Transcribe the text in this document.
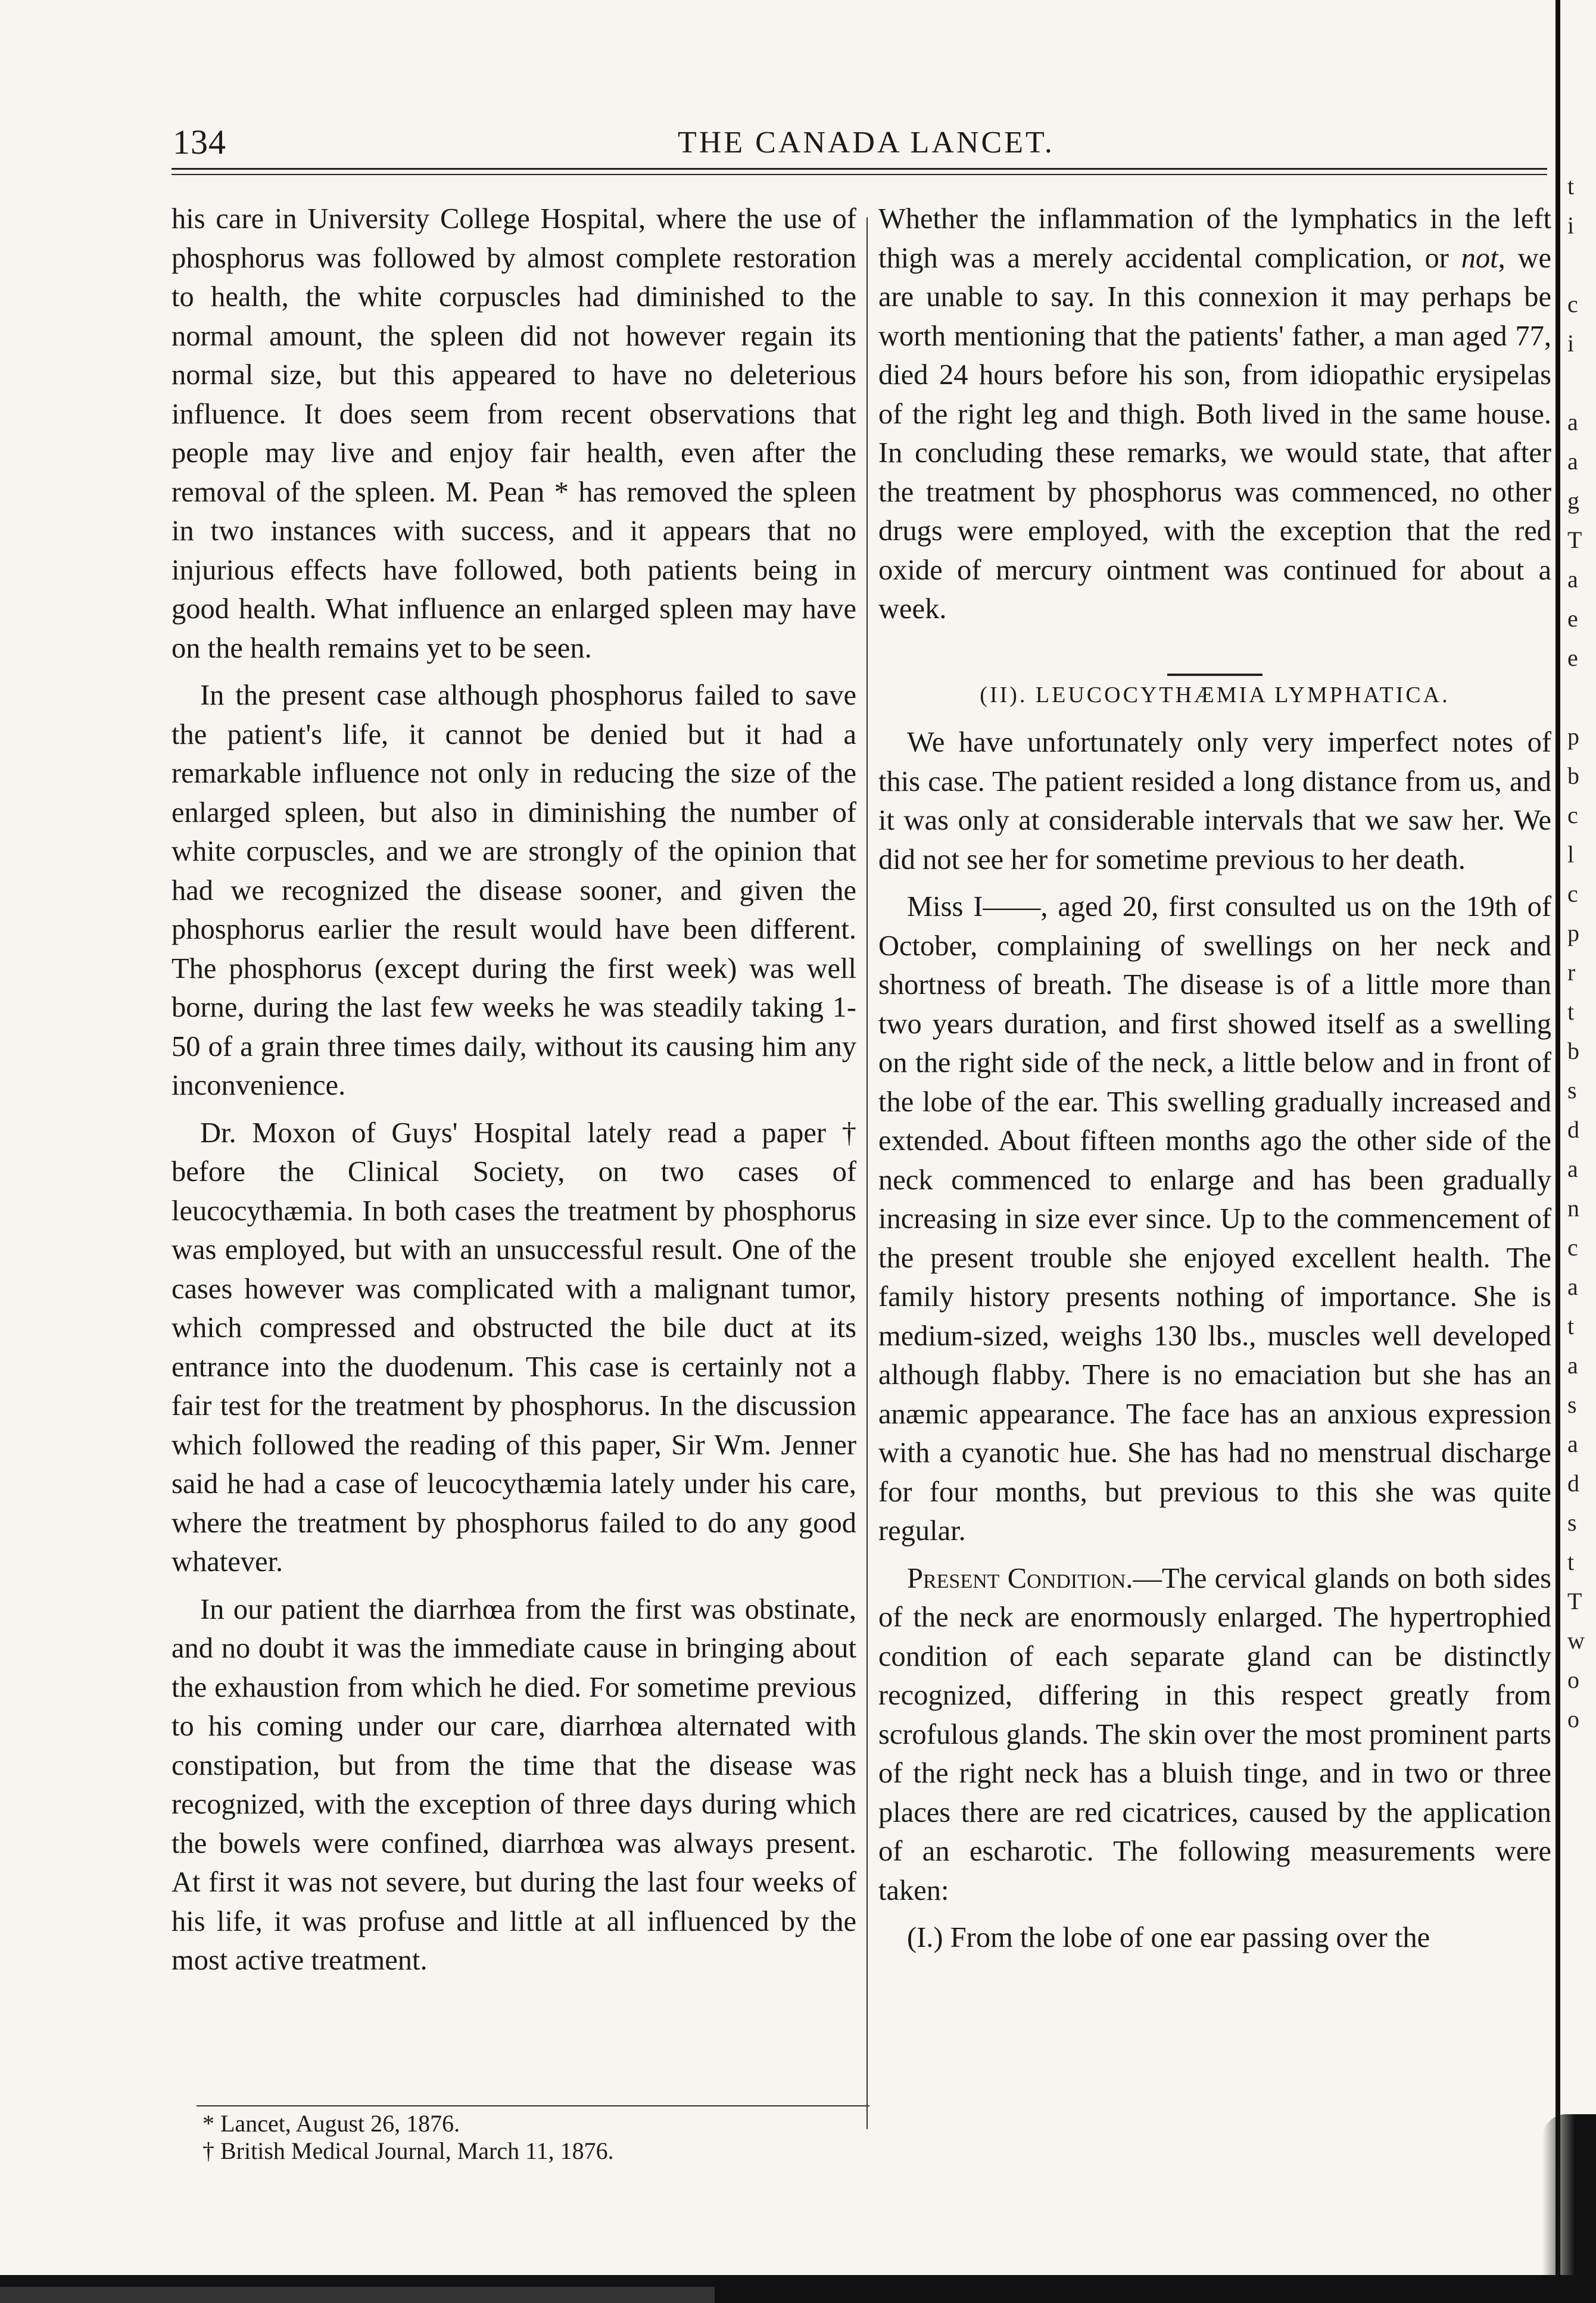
134	THE CANADA LANCET.

his care in University College Hospital, where the use of phosphorus was followed by almost complete restoration to health, the white corpuscles had diminished to the normal amount, the spleen did not however regain its normal size, but this appeared to have no deleterious influence. It does seem from recent observations that people may live and enjoy fair health, even after the removal of the spleen. M. Pean * has removed the spleen in two instances with success, and it appears that no injurious effects have followed, both patients being in good health. What influence an enlarged spleen may have on the health remains yet to be seen.

In the present case although phosphorus failed to save the patient's life, it cannot be denied but it had a remarkable influence not only in reducing the size of the enlarged spleen, but also in diminishing the number of white corpuscles, and we are strongly of the opinion that had we recognized the disease sooner, and given the phosphorus earlier the result would have been different. The phosphorus (except during the first week) was well borne, during the last few weeks he was steadily taking 1-50 of a grain three times daily, without its causing him any inconvenience.

Dr. Moxon of Guys' Hospital lately read a paper † before the Clinical Society, on two cases of leucocythæmia. In both cases the treatment by phosphorus was employed, but with an unsuccessful result. One of the cases however was complicated with a malignant tumor, which compressed and obstructed the bile duct at its entrance into the duodenum. This case is certainly not a fair test for the treatment by phosphorus. In the discussion which followed the reading of this paper, Sir Wm. Jenner said he had a case of leucocythæmia lately under his care, where the treatment by phosphorus failed to do any good whatever.

In our patient the diarrhœa from the first was obstinate, and no doubt it was the immediate cause in bringing about the exhaustion from which he died. For sometime previous to his coming under our care, diarrhœa alternated with constipation, but from the time that the disease was recognized, with the exception of three days during which the bowels were confined, diarrhœa was always present. At first it was not severe, but during the last four weeks of his life, it was profuse and little at all influenced by the most active treatment.

Whether the inflammation of the lymphatics in the left thigh was a merely accidental complication, or not, we are unable to say. In this connexion it may perhaps be worth mentioning that the patients' father, a man aged 77, died 24 hours before his son, from idiopathic erysipelas of the right leg and thigh. Both lived in the same house. In concluding these remarks, we would state, that after the treatment by phosphorus was commenced, no other drugs were employed, with the exception that the red oxide of mercury ointment was continued for about a week.

(II). LEUCOCYTHÆMIA LYMPHATICA.

We have unfortunately only very imperfect notes of this case. The patient resided a long distance from us, and it was only at considerable intervals that we saw her. We did not see her for sometime previous to her death.

Miss I——, aged 20, first consulted us on the 19th of October, complaining of swellings on her neck and shortness of breath. The disease is of a little more than two years duration, and first showed itself as a swelling on the right side of the neck, a little below and in front of the lobe of the ear. This swelling gradually increased and extended. About fifteen months ago the other side of the neck commenced to enlarge and has been gradually increasing in size ever since. Up to the commencement of the present trouble she enjoyed excellent health. The family history presents nothing of importance. She is medium-sized, weighs 130 lbs., muscles well developed although flabby. There is no emaciation but she has an anæmic appearance. The face has an anxious expression with a cyanotic hue. She has had no menstrual discharge for four months, but previous to this she was quite regular.

Present Condition.—The cervical glands on both sides of the neck are enormously enlarged. The hypertrophied condition of each separate gland can be distinctly recognized, differing in this respect greatly from scrofulous glands. The skin over the most prominent parts of the right neck has a bluish tinge, and in two or three places there are red cicatrices, caused by the application of an escharotic. The following measurements were taken:

(I.) From the lobe of one ear passing over the

* Lancet, August 26, 1876.
† British Medical Journal, March 11, 1876.
t
i

c
i

a
a
g
T
a
e
e

p
b
c
l
c
p
r
t
b
s
d
a
n
c
a
t
a
s
a
d
s
t
T
w
o
o
